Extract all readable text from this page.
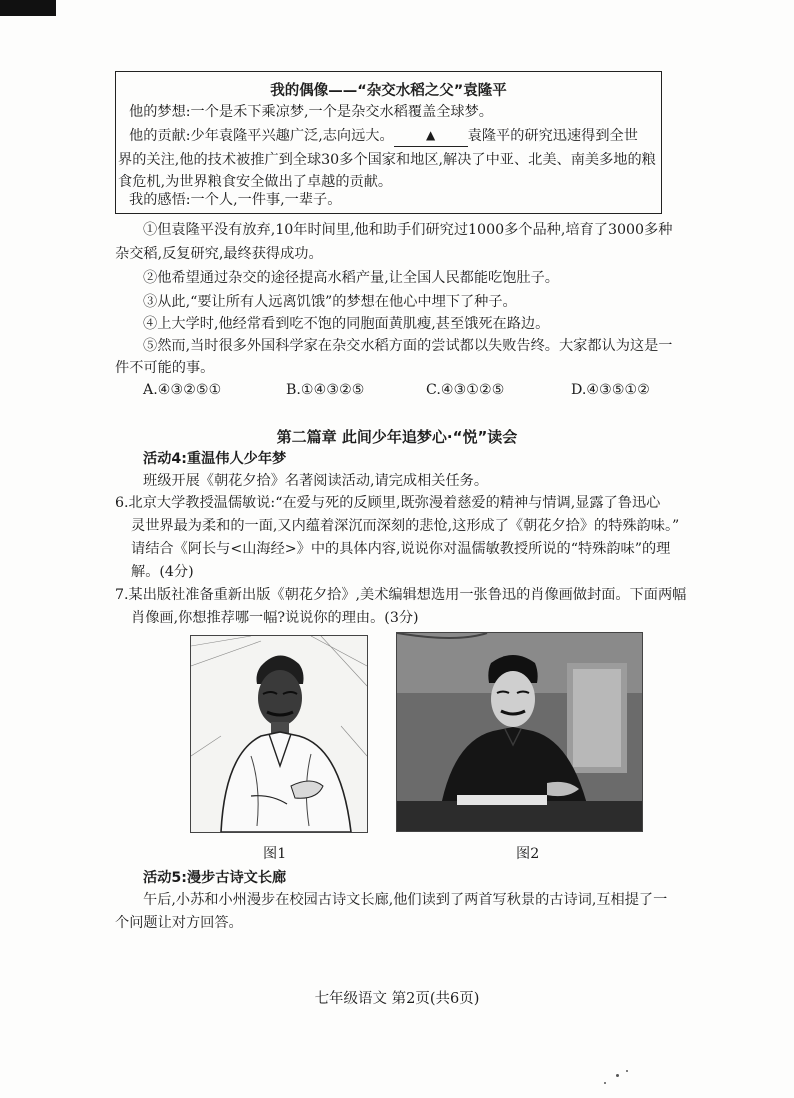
我的偶像——“杂交水稻之父”袁隆平
他的梦想:一个是禾下乘凉梦,一个是杂交水稻覆盖全球梦。
他的贡献:少年袁隆平兴趣广泛,志向远大。	▲ 袁隆平的研究迅速得到全世
界的关注,他的技术被推广到全球30多个国家和地区,解决了中亚、北美、南美多地的粮
食危机,为世界粮食安全做出了卓越的贡献。
我的感悟:一个人,一件事,一辈子。
①但袁隆平没有放弃,10年时间里,他和助手们研究过1000多个品种,培育了3000多种
杂交稻,反复研究,最终获得成功。
②他希望通过杂交的途径提高水稻产量,让全国人民都能吃饱肚子。
③从此,“要让所有人远离饥饿”的梦想在他心中埋下了种子。
④上大学时,他经常看到吃不饱的同胞面黄肌瘦,甚至饿死在路边。
⑤然而,当时很多外国科学家在杂交水稻方面的尝试都以失败告终。大家都认为这是一
件不可能的事。
A.④③②⑤①	B.①④③②⑤	C.④③①②⑤	D.④③⑤①②
第二篇章 此间少年追梦心·“悦”读会
活动4:重温伟人少年梦
班级开展《朝花夕拾》名著阅读活动,请完成相关任务。
6.北京大学教授温儒敏说:“在爱与死的反顾里,既弥漫着慈爱的精神与情调,显露了鲁迅心
灵世界最为柔和的一面,又内蕴着深沉而深刻的悲怆,这形成了《朝花夕拾》的特殊韵味。”
请结合《阿长与<山海经>》中的具体内容,说说你对温儒敏教授所说的“特殊韵味”的理
解。(4分)
7.某出版社准备重新出版《朝花夕拾》,美术编辑想选用一张鲁迅的肖像画做封面。下面两幅
肖像画,你想推荐哪一幅?说说你的理由。(3分)
图1	图2
活动5:漫步古诗文长廊
午后,小苏和小州漫步在校园古诗文长廊,他们读到了两首写秋景的古诗词,互相提了一
个问题让对方回答。
七年级语文 第2页(共6页)
